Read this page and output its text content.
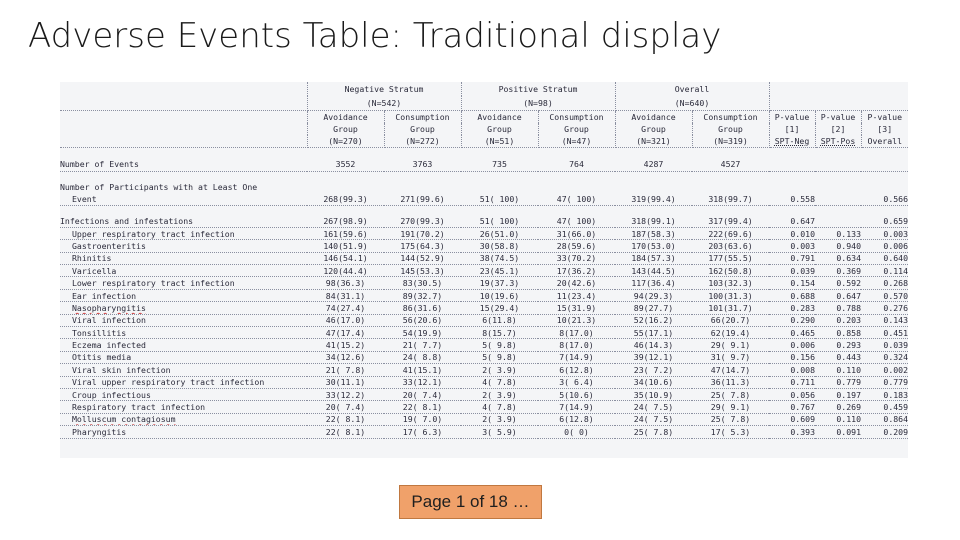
Adverse Events Table: Traditional display
	Negative Stratum		Positive Stratum		Overall				
	(N=542)		(N=98)		(N=640)				
	Avoidance	Consumption	Avoidance	Consumption	Avoidance	Consumption	P-value	P-value	P-value
	Group	Group	Group	Group	Group	Group	[1]	[2]	[3]
	(N=270)	(N=272)	(N=51)	(N=47)	(N=321)	(N=319)	SPT-Neg	SPT-Pos	Overall

Number of Events	3552	3763	735	764	4287	4527			

Number of Participants with at Least One									
Event	268(99.3)	271(99.6)	51( 100)	47( 100)	319(99.4)	318(99.7)	0.558		0.566

Infections and infestations	267(98.9)	270(99.3)	51( 100)	47( 100)	318(99.1)	317(99.4)	0.647		0.659
Upper respiratory tract infection	161(59.6)	191(70.2)	26(51.0)	31(66.0)	187(58.3)	222(69.6)	0.010	0.133	0.003
Gastroenteritis	140(51.9)	175(64.3)	30(58.8)	28(59.6)	170(53.0)	203(63.6)	0.003	0.940	0.006
Rhinitis	146(54.1)	144(52.9)	38(74.5)	33(70.2)	184(57.3)	177(55.5)	0.791	0.634	0.640
Varicella	120(44.4)	145(53.3)	23(45.1)	17(36.2)	143(44.5)	162(50.8)	0.039	0.369	0.114
Lower respiratory tract infection	98(36.3)	83(30.5)	19(37.3)	20(42.6)	117(36.4)	103(32.3)	0.154	0.592	0.268
Ear infection	84(31.1)	89(32.7)	10(19.6)	11(23.4)	94(29.3)	100(31.3)	0.688	0.647	0.570
Nasopharyngitis	74(27.4)	86(31.6)	15(29.4)	15(31.9)	89(27.7)	101(31.7)	0.283	0.788	0.276
Viral infection	46(17.0)	56(20.6)	6(11.8)	10(21.3)	52(16.2)	66(20.7)	0.290	0.203	0.143
Tonsillitis	47(17.4)	54(19.9)	8(15.7)	8(17.0)	55(17.1)	62(19.4)	0.465	0.858	0.451
Eczema infected	41(15.2)	21( 7.7)	5( 9.8)	8(17.0)	46(14.3)	29( 9.1)	0.006	0.293	0.039
Otitis media	34(12.6)	24( 8.8)	5( 9.8)	7(14.9)	39(12.1)	31( 9.7)	0.156	0.443	0.324
Viral skin infection	21( 7.8)	41(15.1)	2( 3.9)	6(12.8)	23( 7.2)	47(14.7)	0.008	0.110	0.002
Viral upper respiratory tract infection	30(11.1)	33(12.1)	4( 7.8)	3( 6.4)	34(10.6)	36(11.3)	0.711	0.779	0.779
Croup infectious	33(12.2)	20( 7.4)	2( 3.9)	5(10.6)	35(10.9)	25( 7.8)	0.056	0.197	0.183
Respiratory tract infection	20( 7.4)	22( 8.1)	4( 7.8)	7(14.9)	24( 7.5)	29( 9.1)	0.767	0.269	0.459
Molluscum contagiosum	22( 8.1)	19( 7.0)	2( 3.9)	6(12.8)	24( 7.5)	25( 7.8)	0.609	0.110	0.864
Pharyngitis	22( 8.1)	17( 6.3)	3( 5.9)	0( 0)	25( 7.8)	17( 5.3)	0.393	0.091	0.209
Page 1 of 18 …
